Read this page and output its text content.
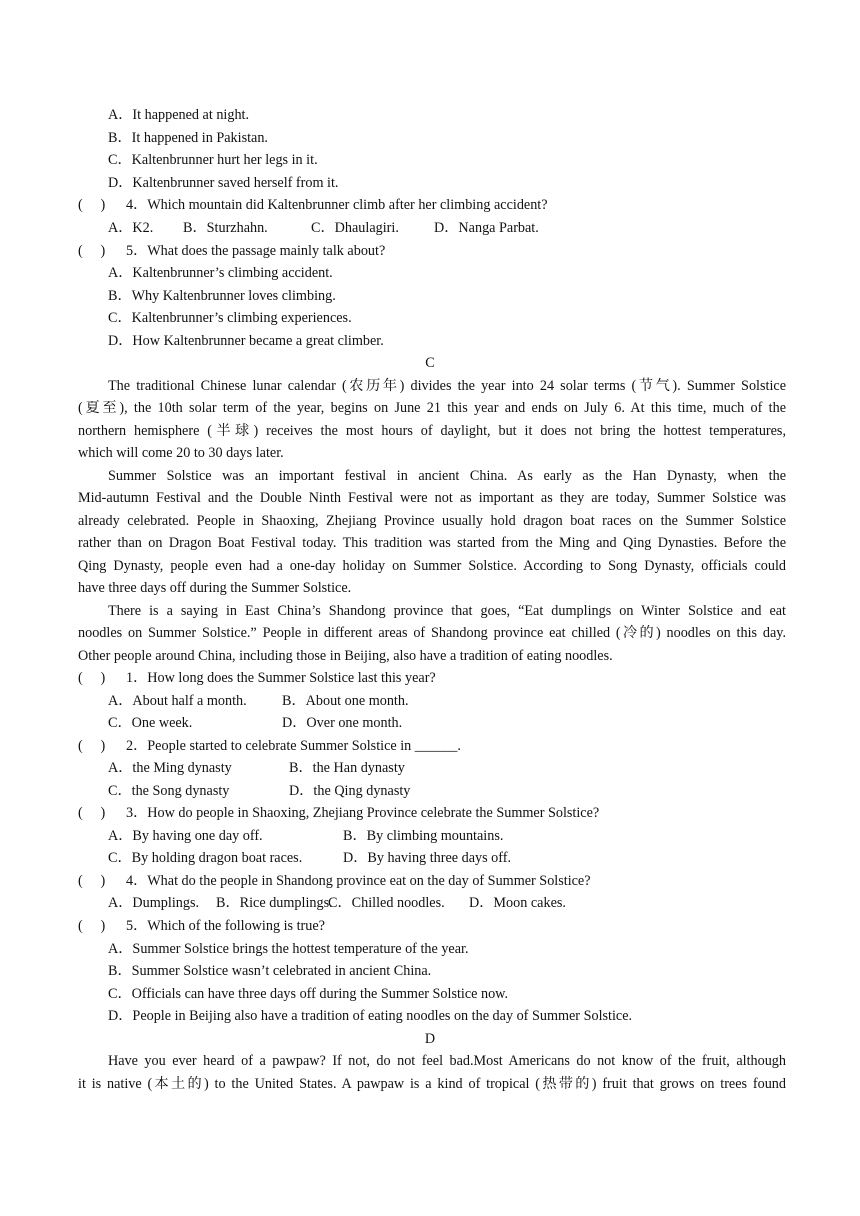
A．It happened at night.
B．It happened in Pakistan.
C．Kaltenbrunner hurt her legs in it.
D．Kaltenbrunner saved herself from it.
(　 ) 4．Which mountain did Kaltenbrunner climb after her climbing accident?
A．K2. B．Sturzhahn.	C．Dhaulagiri. D．Nanga Parbat.
(　 ) 5．What does the passage mainly talk about?
A．Kaltenbrunner’s climbing accident.
B．Why Kaltenbrunner loves climbing.
C．Kaltenbrunner’s climbing experiences.
D．How Kaltenbrunner became a great climber.
C
The traditional Chinese lunar calendar (农历年) divides the year into 24 solar terms (节气). Summer Solstice
(夏至), the 10th solar term of the year, begins on June 21 this year and ends on July 6. At this time, much of the
northern hemisphere (半球) receives the most hours of daylight, but it does not bring the hottest temperatures,
which will come 20 to 30 days later.
Summer Solstice was an important festival in ancient China. As early as the Han Dynasty, when the
Mid-autumn Festival and the Double Ninth Festival were not as important as they are today, Summer Solstice was
already celebrated. People in Shaoxing, Zhejiang Province usually hold dragon boat races on the Summer Solstice
rather than on Dragon Boat Festival today. This tradition was started from the Ming and Qing Dynasties. Before the
Qing Dynasty, people even had a one-day holiday on Summer Solstice. According to Song Dynasty, officials could
have three days off during the Summer Solstice.
There is a saying in East China’s Shandong province that goes, “Eat dumplings on Winter Solstice and eat
noodles on Summer Solstice.” People in different areas of Shandong province eat chilled (冷的) noodles on this day.
Other people around China, including those in Beijing, also have a tradition of eating noodles.
(　 ) 1．How long does the Summer Solstice last this year?
A．About half a month. B．About one month.
C．One week.	D．Over one month.
(　 ) 2．People started to celebrate Summer Solstice in ______.
A．the Ming dynasty	B．the Han dynasty
C．the Song dynasty	D．the Qing dynasty
(　 ) 3．How do people in Shaoxing, Zhejiang Province celebrate the Summer Solstice?
A．By having one day off.	B．By climbing mountains.
C．By holding dragon boat races.	D．By having three days off.
(　 ) 4．What do the people in Shandong province eat on the day of Summer Solstice?
A．Dumplings. B．Rice dumplings.C．Chilled noodles. D．Moon cakes.
(　 ) 5．Which of the following is true?
A．Summer Solstice brings the hottest temperature of the year.
B．Summer Solstice wasn’t celebrated in ancient China.
C．Officials can have three days off during the Summer Solstice now.
D．People in Beijing also have a tradition of eating noodles on the day of Summer Solstice.
D
Have you ever heard of a pawpaw? If not, do not feel bad.Most Americans do not know of the fruit, although
it is native (本土的) to the United States. A pawpaw is a kind of tropical (热带的) fruit that grows on trees found
